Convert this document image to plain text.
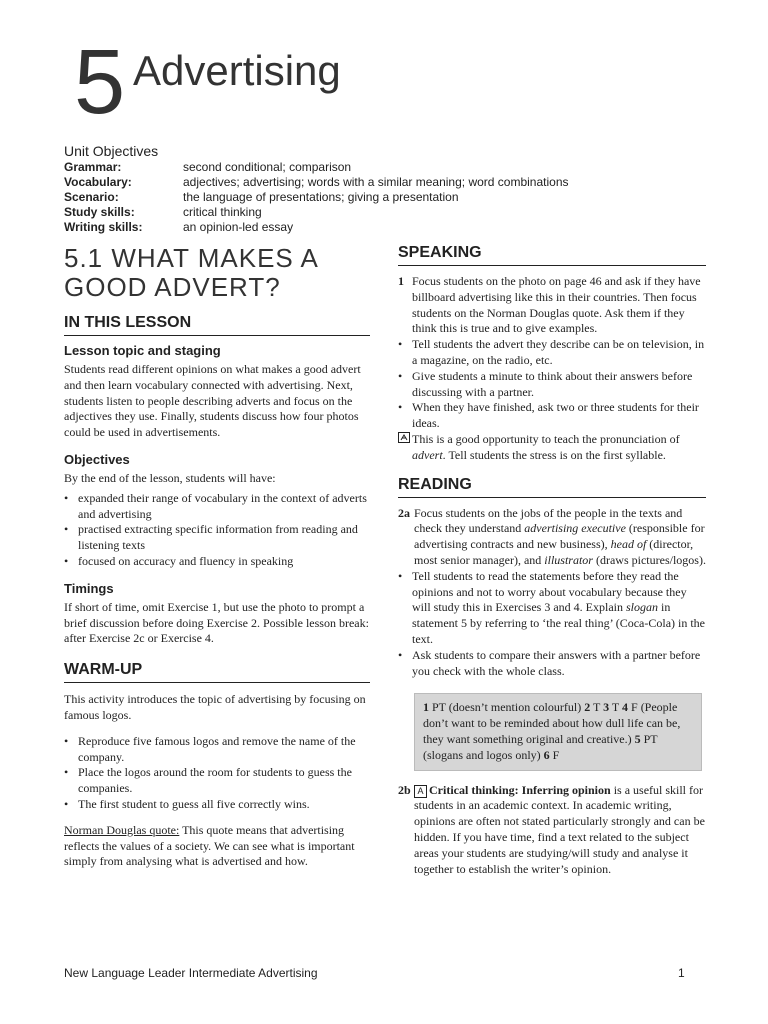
5 Advertising
Unit Objectives
Grammar:	second conditional; comparison
Vocabulary:	adjectives; advertising; words with a similar meaning; word combinations
Scenario:	the language of presentations; giving a presentation
Study skills:	critical thinking
Writing skills:	an opinion-led essay
5.1 WHAT MAKES A
GOOD ADVERT?
IN THIS LESSON
Lesson topic and staging

Students read different opinions on what makes a good advert and then learn vocabulary connected with advertising. Next, students listen to people describing adverts and focus on the adjectives they use. Finally, students discuss how four photos could be used in advertisements.

Objectives

By the end of the lesson, students will have:

• expanded their range of vocabulary in the context of adverts and advertising
• practised extracting specific information from reading and listening texts
• focused on accuracy and fluency in speaking
Timings

If short of time, omit Exercise 1, but use the photo to prompt a brief discussion before doing Exercise 2. Possible lesson break: after Exercise 2c or Exercise 4.

WARM-UP

This activity introduces the topic of advertising by focusing on famous logos.

• Reproduce five famous logos and remove the name of the company.
• Place the logos around the room for students to guess the companies.
• The first student to guess all five correctly wins.

Norman Douglas quote: This quote means that advertising reflects the values of a society. We can see what is important simply from analysing what is advertised and how.

SPEAKING
1 Focus students on the photo on page 46 and ask if they have billboard advertising like this in their countries. Then focus students on the Norman Douglas quote. Ask them if they think this is true and to give examples.
• Tell students the advert they describe can be on television, in a magazine, on the radio, etc.
• Give students a minute to think about their answers before discussing with a partner.
• When they have finished, ask two or three students for their ideas.
This is a good opportunity to teach the pronunciation of advert. Tell students the stress is on the first syllable.
READING
2a Focus students on the jobs of the people in the texts and check they understand advertising executive (responsible for advertising contracts and new business), head of (director, most senior manager), and illustrator (draws pictures/logos).
• Tell students to read the statements before they read the opinions and not to worry about vocabulary because they will study this in Exercises 3 and 4. Explain slogan in statement 5 by referring to ‘the real thing’ (Coca-Cola) in the text.
• Ask students to compare their answers with a partner before you check with the whole class.
1 PT (doesn’t mention colourful) 2 T 3 T 4 F (People don’t want to be reminded about how dull life can be, they want something original and creative.) 5 PT (slogans and logos only) 6 F
2b A Critical thinking: Inferring opinion is a useful skill for students in an academic context. In academic writing, opinions are often not stated particularly strongly and can be hidden. If you have time, find a text related to the subject areas your students are studying/will study and analyse it together to establish the writer’s opinion.
New Language Leader Intermediate Advertising	1
